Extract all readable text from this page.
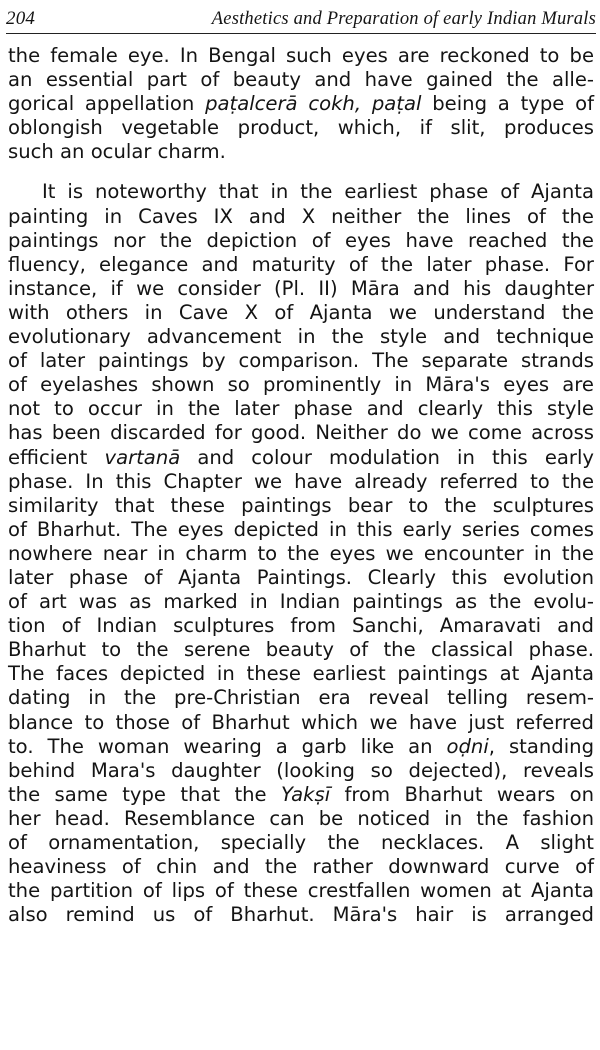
204	Aesthetics and Preparation of early Indian Murals
the female eye. In Bengal such eyes are reckoned to be
an essential part of beauty and have gained the alle-
gorical appellation paṭalcerā cokh, paṭal being a type of
oblongish vegetable product, which, if slit, produces
such an ocular charm.
It is noteworthy that in the earliest phase of Ajanta
painting in Caves IX and X neither the lines of the
paintings nor the depiction of eyes have reached the
fluency, elegance and maturity of the later phase. For
instance, if we consider (Pl. II) Māra and his daughter
with others in Cave X of Ajanta we understand the
evolutionary advancement in the style and technique
of later paintings by comparison. The separate strands
of eyelashes shown so prominently in Māra's eyes are
not to occur in the later phase and clearly this style
has been discarded for good. Neither do we come across
efficient vartanā and colour modulation in this early
phase. In this Chapter we have already referred to the
similarity that these paintings bear to the sculptures
of Bharhut. The eyes depicted in this early series comes
nowhere near in charm to the eyes we encounter in the
later phase of Ajanta Paintings. Clearly this evolution
of art was as marked in Indian paintings as the evolu-
tion of Indian sculptures from Sanchi, Amaravati and
Bharhut to the serene beauty of the classical phase.
The faces depicted in these earliest paintings at Ajanta
dating in the pre-Christian era reveal telling resem-
blance to those of Bharhut which we have just referred
to. The woman wearing a garb like an oḍni, standing
behind Mara's daughter (looking so dejected), reveals
the same type that the Yakṣī from Bharhut wears on
her head. Resemblance can be noticed in the fashion
of ornamentation, specially the necklaces. A slight
heaviness of chin and the rather downward curve of
the partition of lips of these crestfallen women at Ajanta
also remind us of Bharhut. Māra's hair is arranged
